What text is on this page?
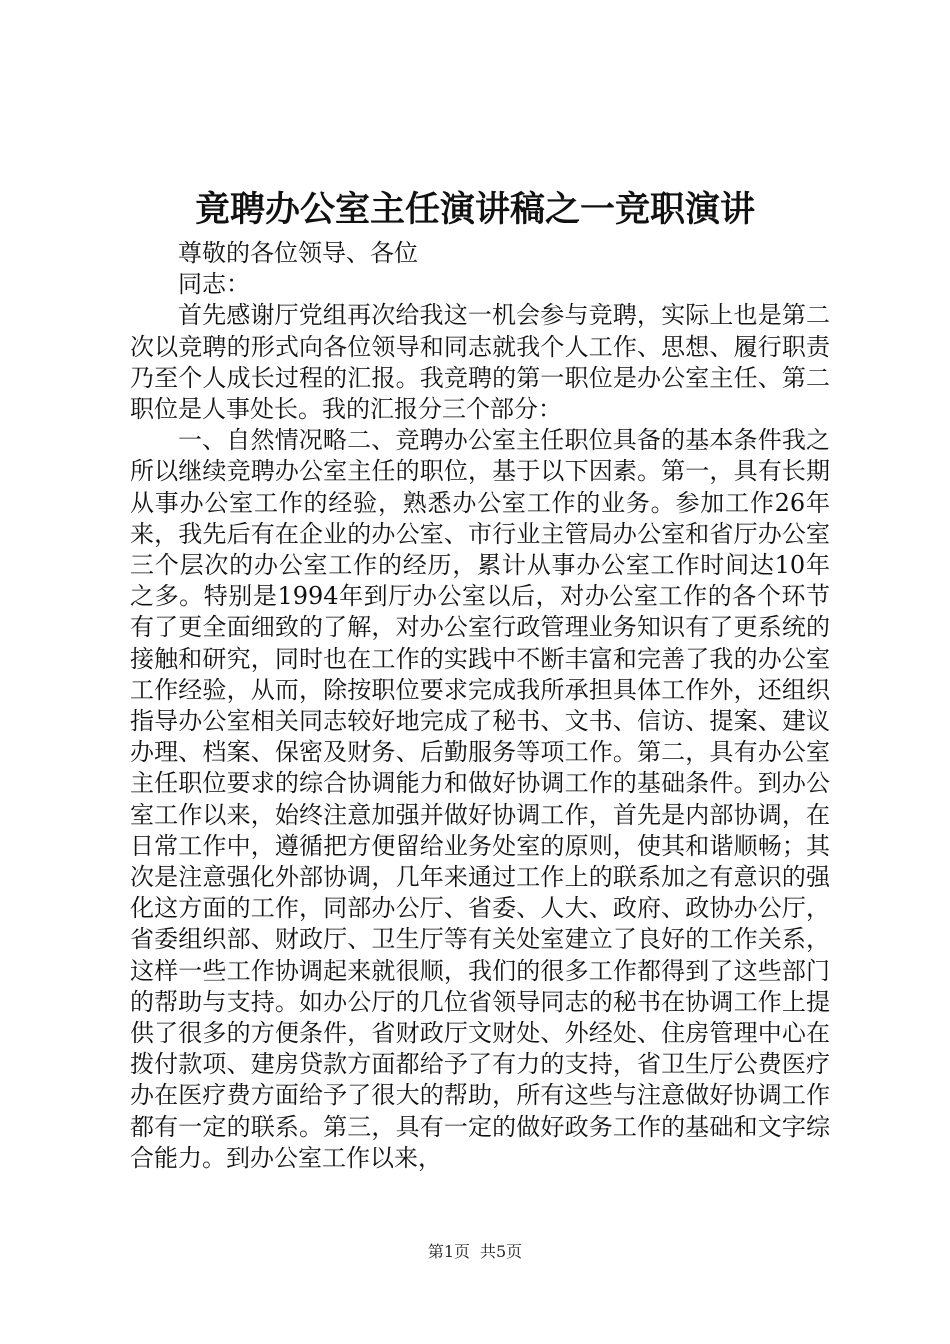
竟聘办公室主任演讲稿之一竞职演讲

尊敬的各位领导、各位

同志：

首先感谢厅党组再次给我这一机会参与竞聘，实际上也是第二次以竞聘的形式向各位领导和同志就我个人工作、思想、履行职责乃至个人成长过程的汇报。我竞聘的第一职位是办公室主任、第二职位是人事处长。我的汇报分三个部分：

一、自然情况略二、竞聘办公室主任职位具备的基本条件我之所以继续竞聘办公室主任的职位，基于以下因素。第一，具有长期从事办公室工作的经验，熟悉办公室工作的业务。参加工作26年来，我先后有在企业的办公室、市行业主管局办公室和省厅办公室三个层次的办公室工作的经历，累计从事办公室工作时间达10年之多。特别是1994年到厅办公室以后，对办公室工作的各个环节有了更全面细致的了解，对办公室行政管理业务知识有了更系统的接触和研究，同时也在工作的实践中不断丰富和完善了我的办公室工作经验，从而，除按职位要求完成我所承担具体工作外，还组织指导办公室相关同志较好地完成了秘书、文书、信访、提案、建议办理、档案、保密及财务、后勤服务等项工作。第二，具有办公室主任职位要求的综合协调能力和做好协调工作的基础条件。到办公室工作以来，始终注意加强并做好协调工作，首先是内部协调，在日常工作中，遵循把方便留给业务处室的原则，使其和谐顺畅；其次是注意强化外部协调，几年来通过工作上的联系加之有意识的强化这方面的工作，同部办公厅、省委、人大、政府、政协办公厅，省委组织部、财政厅、卫生厅等有关处室建立了良好的工作关系，这样一些工作协调起来就很顺，我们的很多工作都得到了这些部门的帮助与支持。如办公厅的几位省领导同志的秘书在协调工作上提供了很多的方便条件，省财政厅文财处、外经处、住房管理中心在拨付款项、建房贷款方面都给予了有力的支持，省卫生厅公费医疗办在医疗费方面给予了很大的帮助，所有这些与注意做好协调工作都有一定的联系。第三，具有一定的做好政务工作的基础和文字综合能力。到办公室工作以来，

第1页 共5页
